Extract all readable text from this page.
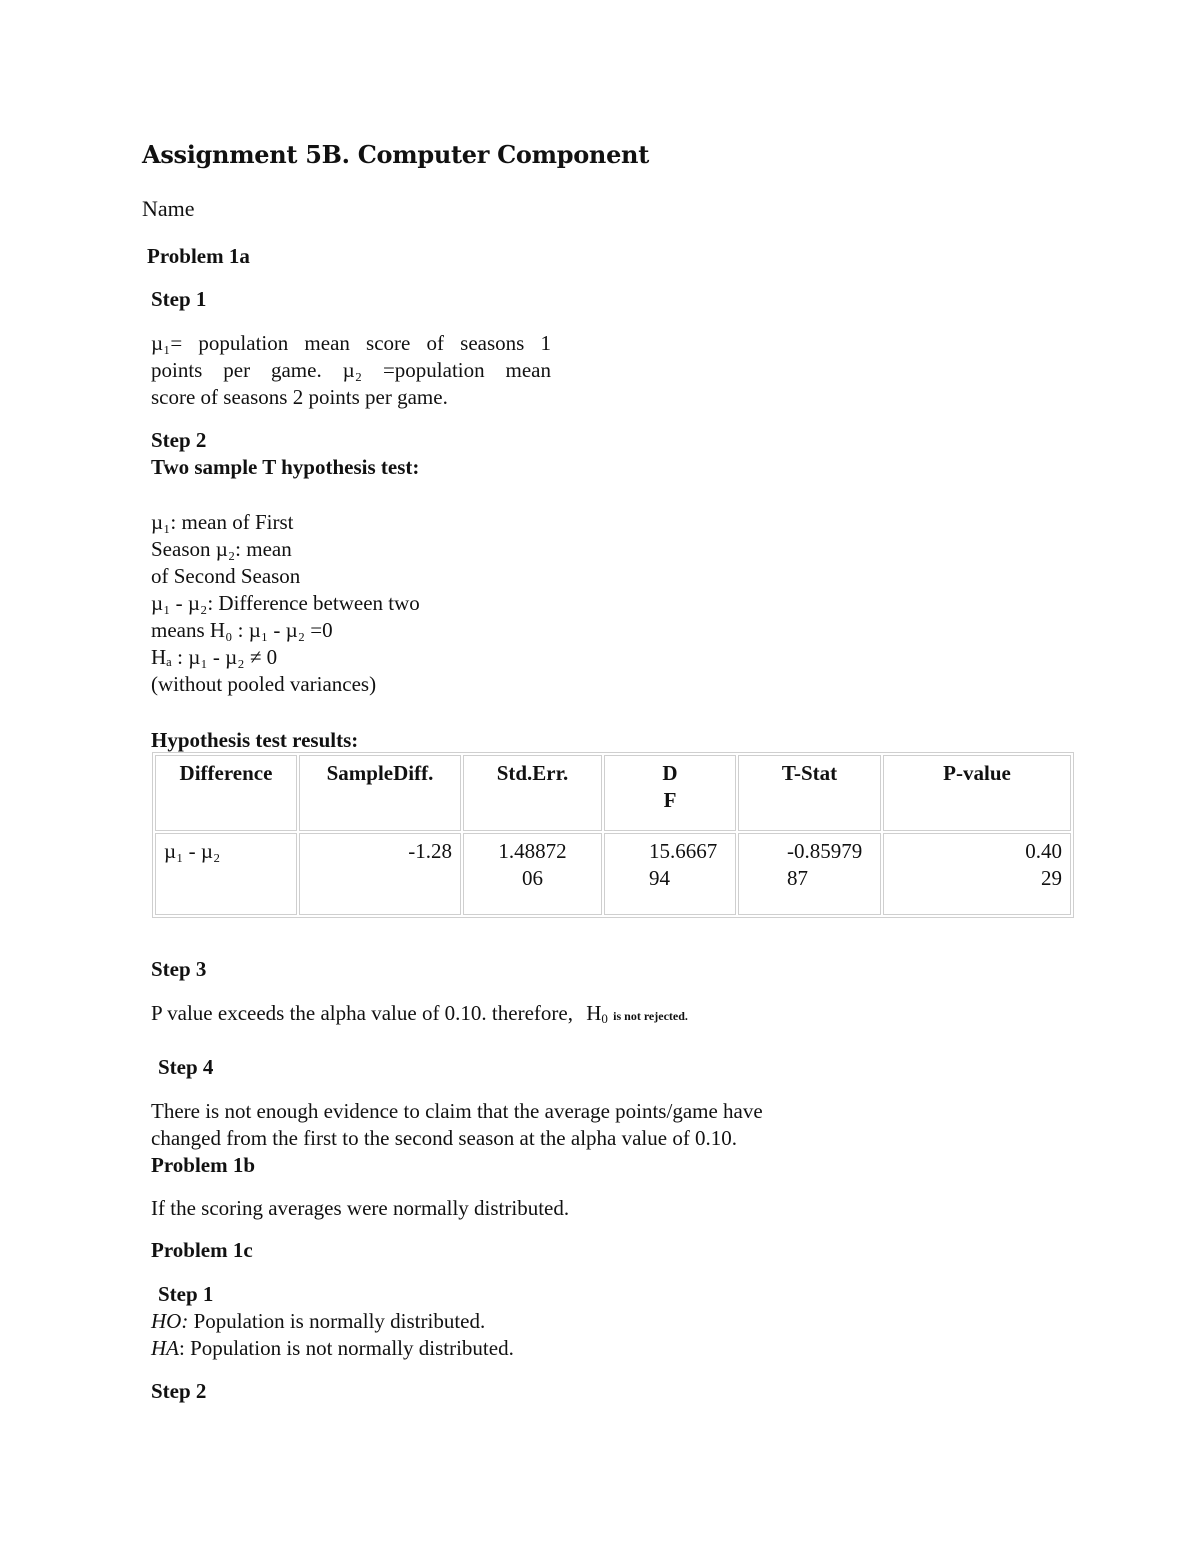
Assignment 5B. Computer Component
Name
Problem 1a
Step 1
µ₁= population mean score of seasons 1
points per game. µ₂ =population mean
score of seasons 2 points per game.
Step 2
Two sample T hypothesis test:
µ₁: mean of First
Season µ₂: mean
of Second Season
µ₁ - µ₂: Difference between two
means H₀ : µ₁ - µ₂ =0
Hₐ : µ₁ - µ₂ ≠ 0
(without pooled variances)
Hypothesis test results:
Difference	SampleDiff.	Std.Err.	DF	T-Stat	P-value
µ₁ - µ₂	-1.28	1.4887206	15.666794	-0.8597987	0.4029
Step 3
P value exceeds the alpha value of 0.10. therefore, $H_0$ is not rejected.
Step 4
There is not enough evidence to claim that the average points/game have
changed from the first to the second season at the alpha value of 0.10.
Problem 1b
If the scoring averages were normally distributed.
Problem 1c
Step 1
HO: Population is normally distributed.
HA: Population is not normally distributed.
Step 2
